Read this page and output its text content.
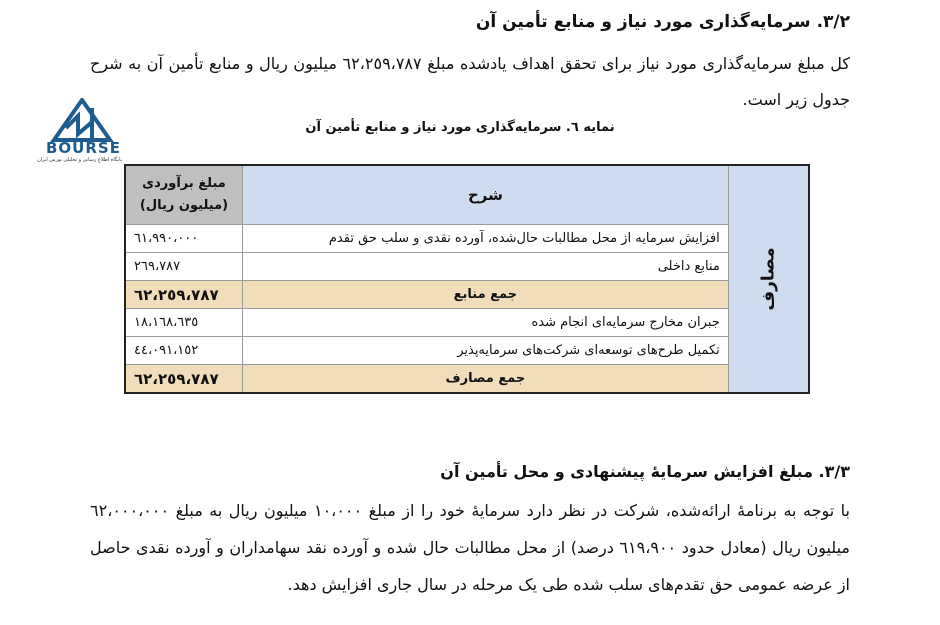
٣/٢. سرمایه‌گذاری مورد نیاز و منابع تأمین آن
کل مبلغ سرمایه‌گذاری مورد نیاز برای تحقق اهداف یادشده مبلغ ٦٢،٢٥٩،٧٨٧ میلیون ریال و منابع تأمین آن به شرح جدول زیر است.
BOURSE
پایگاه اطلاع رسانی و تحلیلی بورس ایران
نمایه ٦. سرمایه‌گذاری مورد نیاز و منابع تأمین آن
مصارف	شرح	مبلغ برآوردی
(میلیون ریال)

	افزایش سرمایه از محل مطالبات حال‌شده، آورده نقدی و سلب حق تقدم	٦١،٩٩٠،٠٠٠
	منابع داخلی	٢٦٩،٧٨٧
	جمع منابع	٦٢،٢٥٩،٧٨٧
	جبران مخارج سرمایه‌ای انجام شده	١٨،١٦٨،٦٣٥
	تکمیل طرح‌های توسعه‌ای شرکت‌های سرمایه‌پذیر	٤٤،٠٩١،١٥٢
	جمع مصارف	٦٢،٢٥٩،٧٨٧
٣/٣. مبلغ افزایش سرمایۀ پیشنهادی و محل تأمین آن
با توجه به برنامۀ ارائه‌شده، شرکت در نظر دارد سرمایۀ خود را از مبلغ ١٠،٠٠٠ میلیون ریال به مبلغ ٦٢،٠٠٠،٠٠٠ میلیون ریال (معادل حدود ٦١٩،٩٠٠ درصد) از محل مطالبات حال شده و آورده نقد سهامداران و آورده نقدی حاصل از عرضه عمومی حق تقدم‌های سلب شده طی یک مرحله در سال جاری افزایش دهد.
